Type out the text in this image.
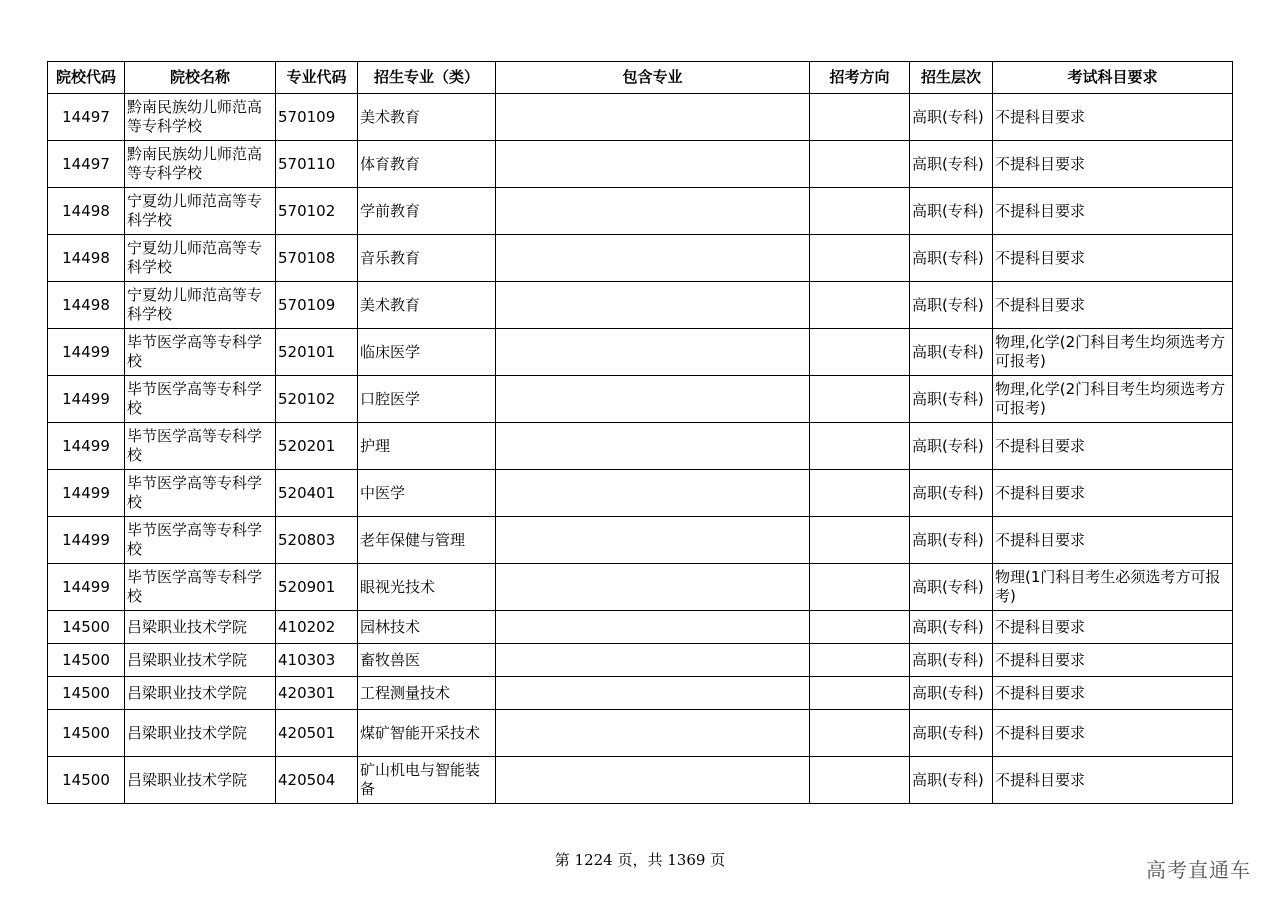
院校代码	院校名称	专业代码	招生专业（类）	包含专业	招考方向	招生层次	考试科目要求
14497	黔南民族幼儿师范高等专科学校	570109	美术教育			高职(专科)	不提科目要求
14497	黔南民族幼儿师范高等专科学校	570110	体育教育			高职(专科)	不提科目要求
14498	宁夏幼儿师范高等专科学校	570102	学前教育			高职(专科)	不提科目要求
14498	宁夏幼儿师范高等专科学校	570108	音乐教育			高职(专科)	不提科目要求
14498	宁夏幼儿师范高等专科学校	570109	美术教育			高职(专科)	不提科目要求
14499	毕节医学高等专科学校	520101	临床医学			高职(专科)	物理,化学(2门科目考生均须选考方可报考)
14499	毕节医学高等专科学校	520102	口腔医学			高职(专科)	物理,化学(2门科目考生均须选考方可报考)
14499	毕节医学高等专科学校	520201	护理			高职(专科)	不提科目要求
14499	毕节医学高等专科学校	520401	中医学			高职(专科)	不提科目要求
14499	毕节医学高等专科学校	520803	老年保健与管理			高职(专科)	不提科目要求
14499	毕节医学高等专科学校	520901	眼视光技术			高职(专科)	物理(1门科目考生必须选考方可报考)
14500	吕梁职业技术学院	410202	园林技术			高职(专科)	不提科目要求
14500	吕梁职业技术学院	410303	畜牧兽医			高职(专科)	不提科目要求
14500	吕梁职业技术学院	420301	工程测量技术			高职(专科)	不提科目要求
14500	吕梁职业技术学院	420501	煤矿智能开采技术			高职(专科)	不提科目要求
14500	吕梁职业技术学院	420504	矿山机电与智能装备			高职(专科)	不提科目要求
第 1224 页，共 1369 页	高考直通车
